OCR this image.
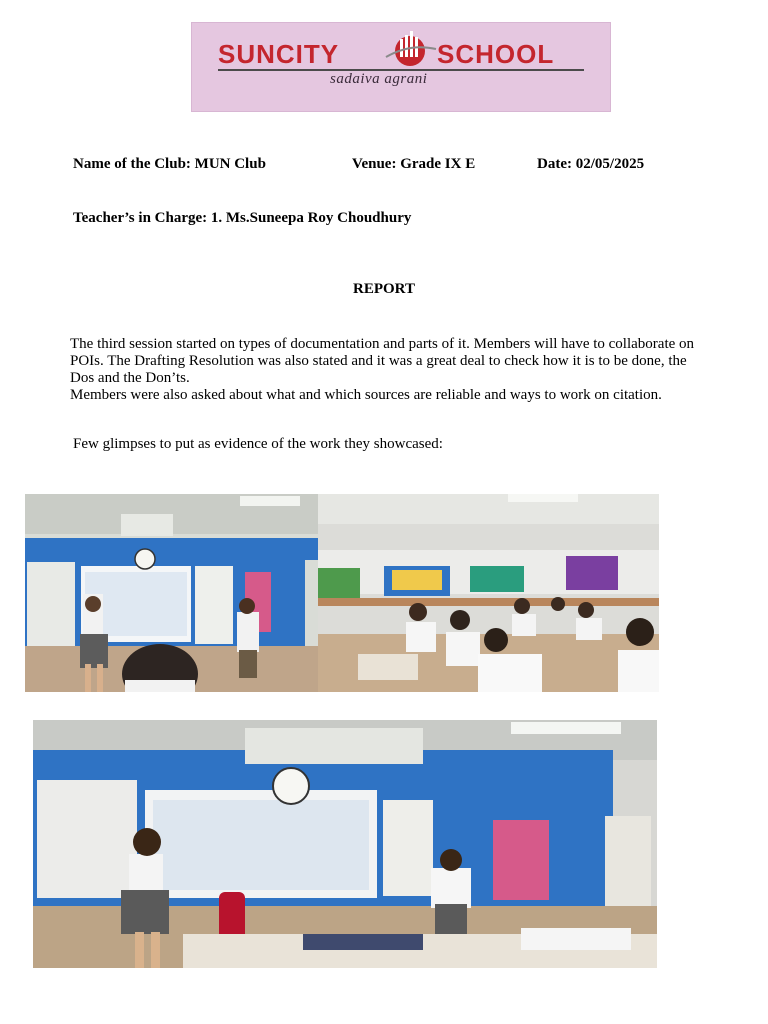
SUNCITY	SCHOOL
sadaiva agrani
Name of the Club: MUN Club	Venue: Grade IX E	Date: 02/05/2025
Teacher’s in Charge: 1. Ms.Suneepa Roy Choudhury
REPORT
The third session started on types of documentation and parts of it. Members will have to collaborate on
POIs. The Drafting Resolution was also stated and it was a great deal to check how it is to be done, the
Dos and the Don’ts.
Members were also asked about what and which sources are reliable and ways to work on citation.
Few glimpses to put as evidence of the work they showcased:
